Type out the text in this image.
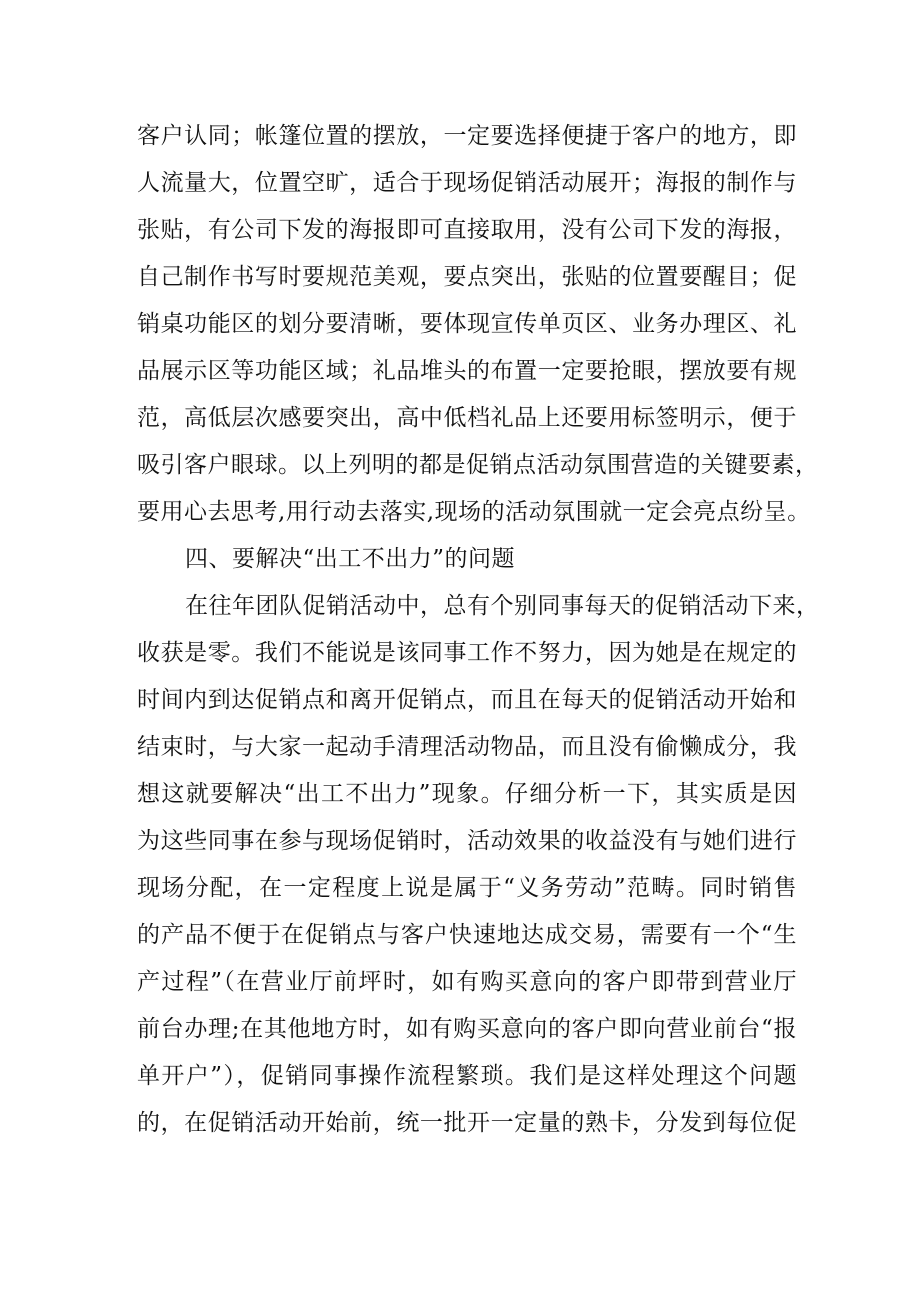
客户认同；帐篷位置的摆放，一定要选择便捷于客户的地方，即
人流量大，位置空旷，适合于现场促销活动展开；海报的制作与
张贴，有公司下发的海报即可直接取用，没有公司下发的海报，
自己制作书写时要规范美观，要点突出，张贴的位置要醒目；促
销桌功能区的划分要清晰，要体现宣传单页区、业务办理区、礼
品展示区等功能区域；礼品堆头的布置一定要抢眼，摆放要有规
范，高低层次感要突出，高中低档礼品上还要用标签明示，便于
吸引客户眼球。以上列明的都是促销点活动氛围营造的关键要素，
要用心去思考,用行动去落实,现场的活动氛围就一定会亮点纷呈。
四、要解决“出工不出力”的问题
在往年团队促销活动中，总有个别同事每天的促销活动下来，
收获是零。我们不能说是该同事工作不努力，因为她是在规定的
时间内到达促销点和离开促销点，而且在每天的促销活动开始和
结束时，与大家一起动手清理活动物品，而且没有偷懒成分，我
想这就要解决“出工不出力”现象。仔细分析一下，其实质是因
为这些同事在参与现场促销时，活动效果的收益没有与她们进行
现场分配，在一定程度上说是属于“义务劳动”范畴。同时销售
的产品不便于在促销点与客户快速地达成交易，需要有一个“生
产过程”（在营业厅前坪时，如有购买意向的客户即带到营业厅
前台办理;在其他地方时，如有购买意向的客户即向营业前台“报
单开户”），促销同事操作流程繁琐。我们是这样处理这个问题
的，在促销活动开始前，统一批开一定量的熟卡，分发到每位促
